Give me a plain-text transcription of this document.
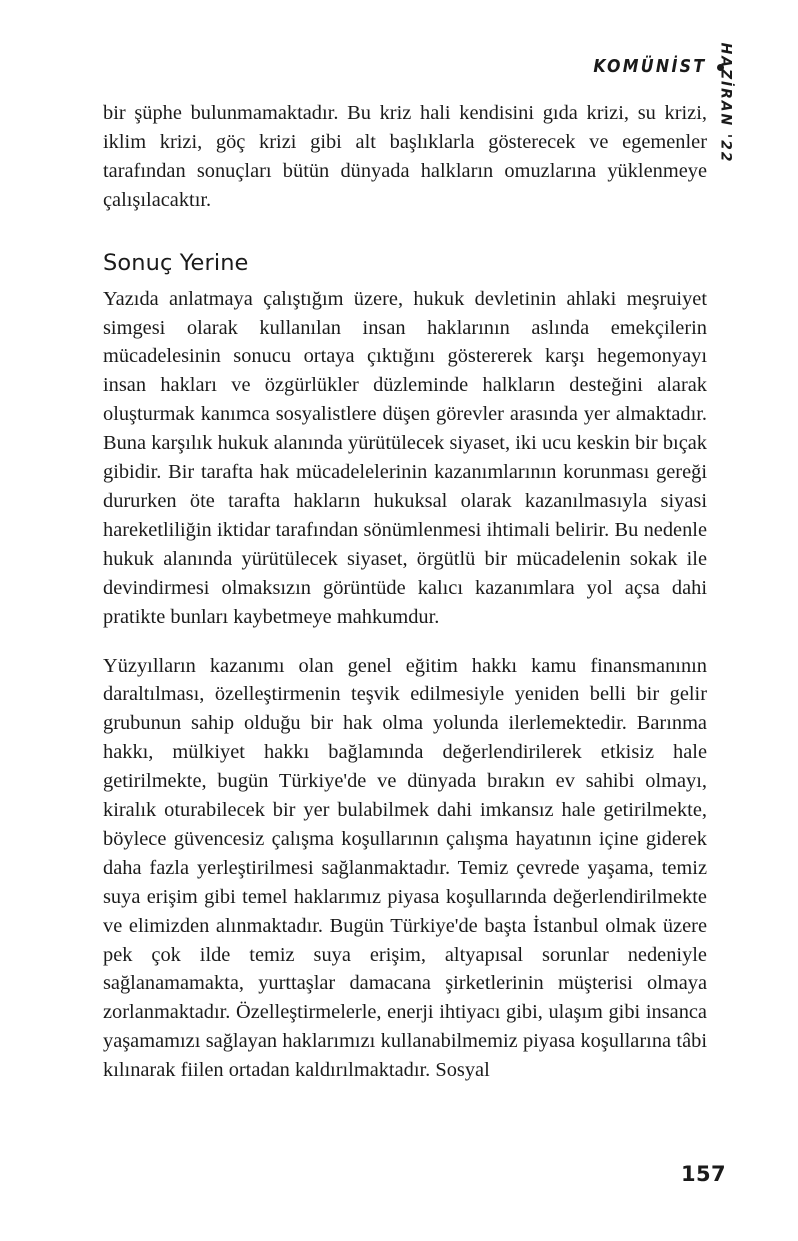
KOMÜNİST HAZİRAN '22

bir şüphe bulunmamaktadır. Bu kriz hali kendisini gıda krizi, su krizi, iklim krizi, göç krizi gibi alt başlıklarla gösterecek ve egemenler tarafından sonuçları bütün dünyada halkların omuzlarına yüklenmeye çalışılacaktır.

Sonuç Yerine

Yazıda anlatmaya çalıştığım üzere, hukuk devletinin ahlaki meşruiyet simgesi olarak kullanılan insan haklarının aslında emekçilerin mücadelesinin sonucu ortaya çıktığını göstererek karşı hegemonyayı insan hakları ve özgürlükler düzleminde halkların desteğini alarak oluşturmak kanımca sosyalistlere düşen görevler arasında yer almaktadır. Buna karşılık hukuk alanında yürütülecek siyaset, iki ucu keskin bir bıçak gibidir. Bir tarafta hak mücadelelerinin kazanımlarının korunması gereği dururken öte tarafta hakların hukuksal olarak kazanılmasıyla siyasi hareketliliğin iktidar tarafından sönümlenmesi ihtimali belirir. Bu nedenle hukuk alanında yürütülecek siyaset, örgütlü bir mücadelenin sokak ile devindirmesi olmaksızın görüntüde kalıcı kazanımlara yol açsa dahi pratikte bunları kaybetmeye mahkumdur.

Yüzyılların kazanımı olan genel eğitim hakkı kamu finansmanının daraltılması, özelleştirmenin teşvik edilmesiyle yeniden belli bir gelir grubunun sahip olduğu bir hak olma yolunda ilerlemektedir. Barınma hakkı, mülkiyet hakkı bağlamında değerlendirilerek etkisiz hale getirilmekte, bugün Türkiye'de ve dünyada bırakın ev sahibi olmayı, kiralık oturabilecek bir yer bulabilmek dahi imkansız hale getirilmekte, böylece güvencesiz çalışma koşullarının çalışma hayatının içine giderek daha fazla yerleştirilmesi sağlanmaktadır. Temiz çevrede yaşama, temiz suya erişim gibi temel haklarımız piyasa koşullarında değerlendirilmekte ve elimizden alınmaktadır. Bugün Türkiye'de başta İstanbul olmak üzere pek çok ilde temiz suya erişim, altyapısal sorunlar nedeniyle sağlanamamakta, yurttaşlar damacana şirketlerinin müşterisi olmaya zorlanmaktadır. Özelleştirmelerle, enerji ihtiyacı gibi, ulaşım gibi insanca yaşamamızı sağlayan haklarımızı kullanabilmemiz piyasa koşullarına tâbi kılınarak fiilen ortadan kaldırılmaktadır. Sosyal

157
